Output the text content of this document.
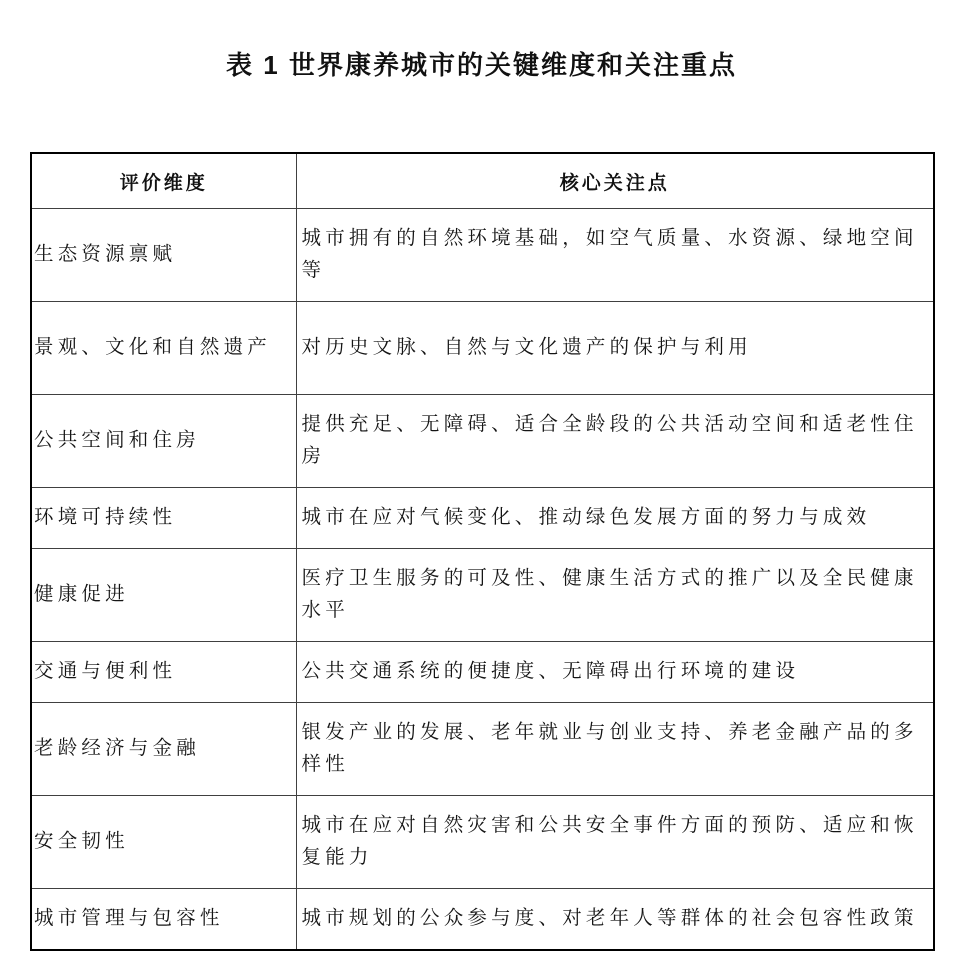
表 1 世界康养城市的关键维度和关注重点
评价维度	核心关注点
生态资源禀赋	城市拥有的自然环境基础，如空气质量、水资源、绿地空间等
景观、文化和自然遗产	对历史文脉、自然与文化遗产的保护与利用
公共空间和住房	提供充足、无障碍、适合全龄段的公共活动空间和适老性住房
环境可持续性	城市在应对气候变化、推动绿色发展方面的努力与成效
健康促进	医疗卫生服务的可及性、健康生活方式的推广以及全民健康水平
交通与便利性	公共交通系统的便捷度、无障碍出行环境的建设
老龄经济与金融	银发产业的发展、老年就业与创业支持、养老金融产品的多样性
安全韧性	城市在应对自然灾害和公共安全事件方面的预防、适应和恢复能力
城市管理与包容性	城市规划的公众参与度、对老年人等群体的社会包容性政策
